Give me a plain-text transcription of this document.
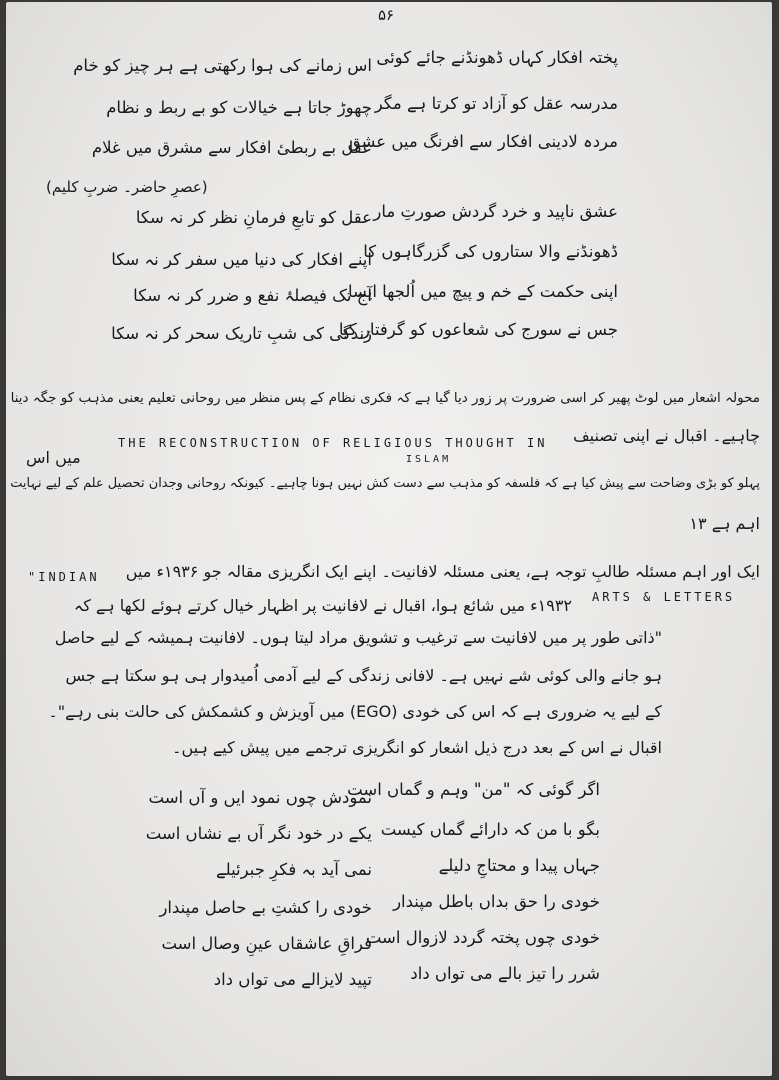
۵۶
پختہ افکار کہاں ڈھونڈنے جائے کوئی
اس زمانے کی ہوا رکھتی ہے ہر چیز کو خام
مدرسہ عقل کو آزاد تو کرتا ہے مگر
چھوڑ جاتا ہے خیالات کو بے ربط و نظام
مردہ لادینی افکار سے افرنگ میں عشق
عقل بے ربطیٔ افکار سے مشرق میں غلام
(عصرِ حاضر۔ ضربِ کلیم)
عشق ناپید و خرد گردش صورتِ مار
عقل کو تابعِ فرمانِ نظر کر نہ سکا
ڈھونڈنے والا ستاروں کی گزرگاہوں کا
اپنے افکار کی دنیا میں سفر کر نہ سکا
اپنی حکمت کے خم و پیچ میں اُلجھا ایسا
آج تک فیصلۂ نفع و ضرر کر نہ سکا
جس نے سورج کی شعاعوں کو گرفتار کیا
زندگی کی شبِ تاریک سحر کر نہ سکا
محولہ اشعار میں لوٹ پھیر کر اسی ضرورت پر زور دیا گیا ہے کہ فکری نظام کے پس منظر میں روحانی تعلیم یعنی مذہب کو جگہ دینا
چاہیے۔ اقبال نے اپنی تصنیف
THE RECONSTRUCTION OF RELIGIOUS THOUGHT IN
ISLAM
میں اس
پہلو کو بڑی وضاحت سے پیش کیا ہے کہ فلسفہ کو مذہب سے دست کش نہیں ہونا چاہیے۔ کیونکہ روحانی وجدان تحصیل علم کے لیے نہایت
اہم ہے ۱۳
ایک اور اہم مسئلہ طالبِ توجہ ہے، یعنی مسئلہ لافانیت۔ اپنے ایک انگریزی مقالہ جو ۱۹۳۶ء میں
"INDIAN
ARTS & LETTERS
۱۹۳۲ء میں شائع ہوا، اقبال نے لافانیت پر اظہار خیال کرتے ہوئے لکھا ہے کہ
"ذاتی طور پر میں لافانیت سے ترغیب و تشویق مراد لیتا ہوں۔ لافانیت ہمیشہ کے لیے حاصل
ہو جانے والی کوئی شے نہیں ہے۔ لافانی زندگی کے لیے آدمی اُمیدوار ہی ہو سکتا ہے جس
کے لیے یہ ضروری ہے کہ اس کی خودی (EGO) میں آویزش و کشمکش کی حالت بنی رہے"۔
اقبال نے اس کے بعد درج ذیل اشعار کو انگریزی ترجمے میں پیش کیے ہیں۔
اگر گوئی کہ "من" وہم و گماں است
نمودش چوں نمود ایں و آں است
بگو با من کہ دارائے گماں کیست
یکے در خود نگر آں بے نشاں است
جہاں پیدا و محتاجِ دلیلے
نمی آید بہ فکرِ جبرئیلے
خودی را حق بداں باطل مپندار
خودی را کشتِ بے حاصل مپندار
خودی چوں پختہ گردد لازوال است
فراقِ عاشقاں عینِ وصال است
شرر را تیز بالے می تواں داد
تپید لایزالے می تواں داد
